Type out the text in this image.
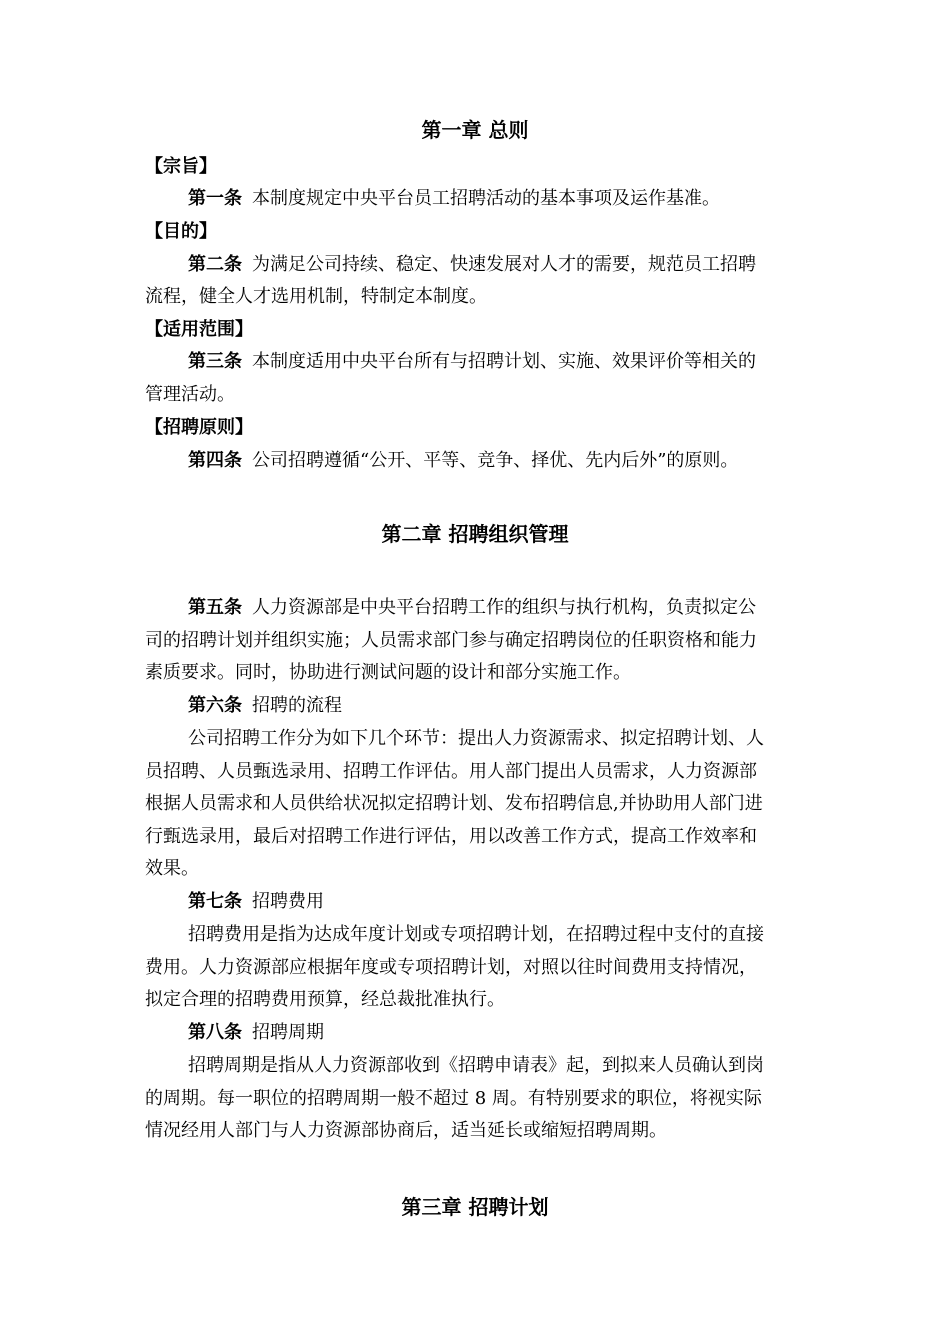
第一章 总则
【宗旨】
第一条 本制度规定中央平台员工招聘活动的基本事项及运作基准。
【目的】
第二条 为满足公司持续、稳定、快速发展对人才的需要，规范员工招聘
流程，健全人才选用机制，特制定本制度。
【适用范围】
第三条 本制度适用中央平台所有与招聘计划、实施、效果评价等相关的
管理活动。
【招聘原则】
第四条 公司招聘遵循“公开、平等、竞争、择优、先内后外”的原则。
第二章 招聘组织管理
第五条 人力资源部是中央平台招聘工作的组织与执行机构，负责拟定公
司的招聘计划并组织实施；人员需求部门参与确定招聘岗位的任职资格和能力
素质要求。同时，协助进行测试问题的设计和部分实施工作。
第六条 招聘的流程
公司招聘工作分为如下几个环节：提出人力资源需求、拟定招聘计划、人
员招聘、人员甄选录用、招聘工作评估。用人部门提出人员需求，人力资源部
根据人员需求和人员供给状况拟定招聘计划、发布招聘信息,并协助用人部门进
行甄选录用，最后对招聘工作进行评估，用以改善工作方式，提高工作效率和
效果。
第七条 招聘费用
招聘费用是指为达成年度计划或专项招聘计划，在招聘过程中支付的直接
费用。人力资源部应根据年度或专项招聘计划，对照以往时间费用支持情况，
拟定合理的招聘费用预算，经总裁批准执行。
第八条 招聘周期
招聘周期是指从人力资源部收到《招聘申请表》起，到拟来人员确认到岗
的周期。每一职位的招聘周期一般不超过 8 周。有特别要求的职位，将视实际
情况经用人部门与人力资源部协商后，适当延长或缩短招聘周期。
第三章 招聘计划
